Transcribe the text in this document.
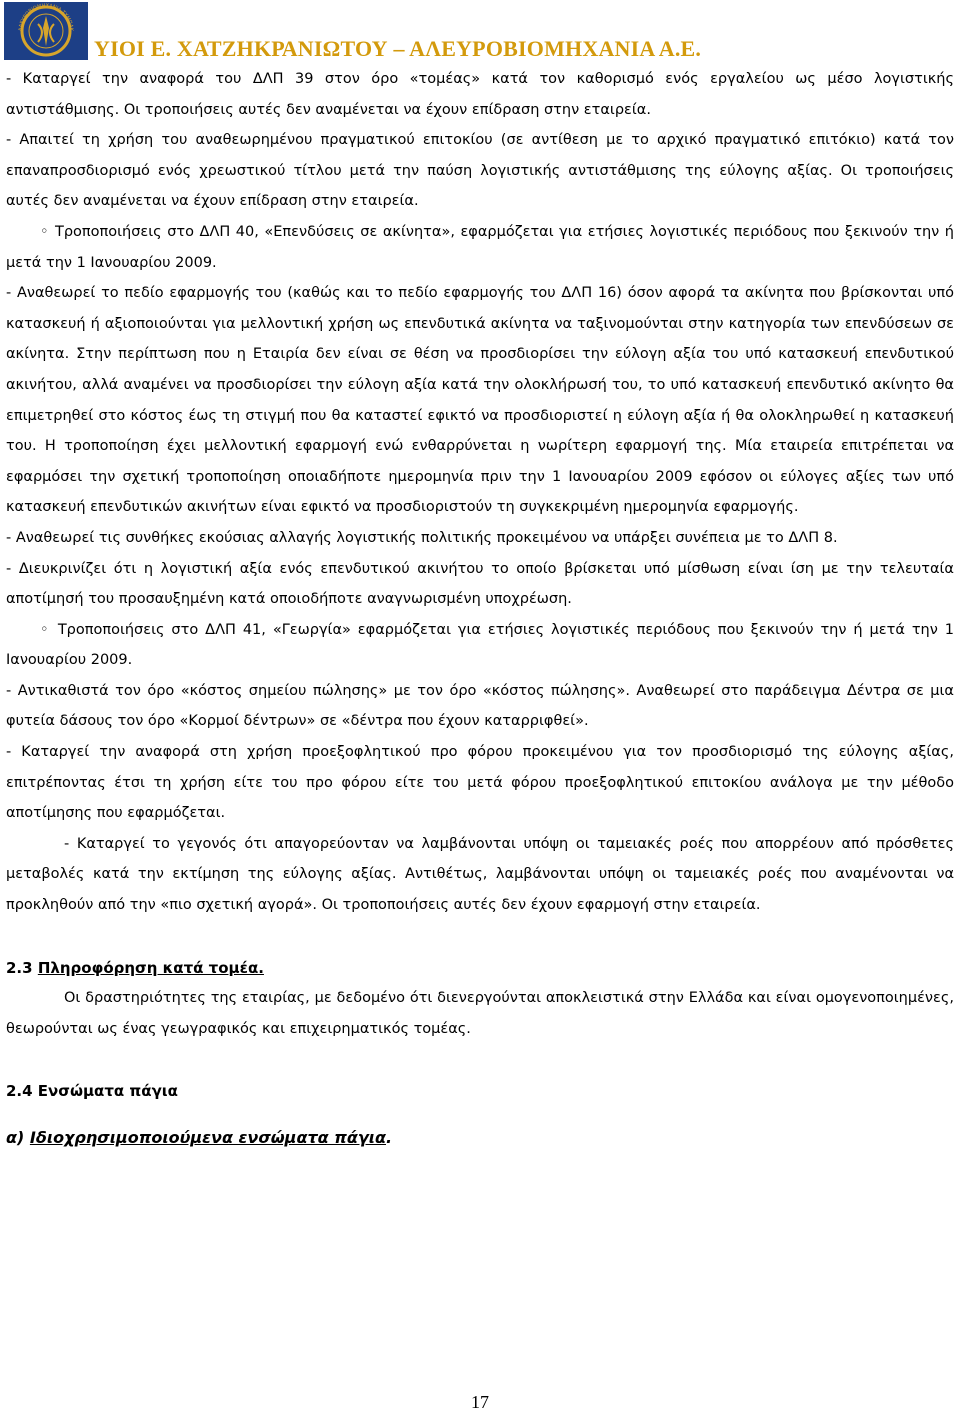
ΑΛΕΥΡΟΒΙΟΜΗΧΑΝΙΑ ΤΥΜΠΑΚ
ΥΙΟΙ Ε. ΧΑΤΖΗΚΡΑΝΙΩΤΟΥ – ΑΛΕΥΡΟΒΙΟΜΗΧΑΝΙΑ Α.Ε.

- Καταργεί την αναφορά του ΔΛΠ 39 στον όρο «τομέας» κατά τον καθορισμό ενός εργαλείου ως μέσο λογιστικής αντιστάθμισης. Οι τροποιήσεις αυτές δεν αναμένεται να έχουν επίδραση στην εταιρεία.

- Απαιτεί τη χρήση του αναθεωρημένου πραγματικού επιτοκίου (σε αντίθεση με το αρχικό πραγματικό επιτόκιο) κατά τον επαναπροσδιορισμό ενός χρεωστικού τίτλου μετά την παύση λογιστικής αντιστάθμισης της εύλογης αξίας. Οι τροποιήσεις αυτές δεν αναμένεται να έχουν επίδραση στην εταιρεία.

◦ Τροποποιήσεις στο ΔΛΠ 40, «Επενδύσεις σε ακίνητα», εφαρμόζεται για ετήσιες λογιστικές περιόδους που ξεκινούν την ή μετά την 1 Ιανουαρίου 2009.

- Αναθεωρεί το πεδίο εφαρμογής του (καθώς και το πεδίο εφαρμογής του ΔΛΠ 16) όσον αφορά τα ακίνητα που βρίσκονται υπό κατασκευή ή αξιοποιούνται για μελλοντική χρήση ως επενδυτικά ακίνητα να ταξινομούνται στην κατηγορία των επενδύσεων σε ακίνητα. Στην περίπτωση που η Εταιρία δεν είναι σε θέση να προσδιορίσει την εύλογη αξία του υπό κατασκευή επενδυτικού ακινήτου, αλλά αναμένει να προσδιορίσει την εύλογη αξία κατά την ολοκλήρωσή του, το υπό κατασκευή επενδυτικό ακίνητο θα επιμετρηθεί στο κόστος έως τη στιγμή που θα καταστεί εφικτό να προσδιοριστεί η εύλογη αξία ή θα ολοκληρωθεί η κατασκευή του. Η τροποποίηση έχει μελλοντική εφαρμογή ενώ ενθαρρύνεται η νωρίτερη εφαρμογή της. Μία εταιρεία επιτρέπεται να εφαρμόσει την σχετική τροποποίηση οποιαδήποτε ημερομηνία πριν την 1 Ιανουαρίου 2009 εφόσον οι εύλογες αξίες των υπό κατασκευή επενδυτικών ακινήτων είναι εφικτό να προσδιοριστούν τη συγκεκριμένη ημερομηνία εφαρμογής.

- Αναθεωρεί τις συνθήκες εκούσιας αλλαγής λογιστικής πολιτικής προκειμένου να υπάρξει συνέπεια με το ΔΛΠ 8.

- Διευκρινίζει ότι η λογιστική αξία ενός επενδυτικού ακινήτου το οποίο βρίσκεται υπό μίσθωση είναι ίση με την τελευταία αποτίμησή του προσαυξημένη κατά οποιοδήποτε αναγνωρισμένη υποχρέωση.

◦ Τροποποιήσεις στο ΔΛΠ 41, «Γεωργία» εφαρμόζεται για ετήσιες λογιστικές περιόδους που ξεκινούν την ή μετά την 1 Ιανουαρίου 2009.

- Αντικαθιστά τον όρο «κόστος σημείου πώλησης» με τον όρο «κόστος πώλησης». Αναθεωρεί στο παράδειγμα Δέντρα σε μια φυτεία δάσους τον όρο «Κορμοί δέντρων» σε «δέντρα που έχουν καταρριφθεί».

- Καταργεί την αναφορά στη χρήση προεξοφλητικού προ φόρου προκειμένου για τον προσδιορισμό της εύλογης αξίας, επιτρέποντας έτσι τη χρήση είτε του προ φόρου είτε του μετά φόρου προεξοφλητικού επιτοκίου ανάλογα με την μέθοδο αποτίμησης που εφαρμόζεται.

- Καταργεί το γεγονός ότι απαγορεύονταν να λαμβάνονται υπόψη οι ταμειακές ροές που απορρέουν από πρόσθετες μεταβολές κατά την εκτίμηση της εύλογης αξίας. Αντιθέτως, λαμβάνονται υπόψη οι ταμειακές ροές που αναμένονται να προκληθούν από την «πιο σχετική αγορά». Οι τροποποιήσεις αυτές δεν έχουν εφαρμογή στην εταιρεία.

2.3 Πληροφόρηση κατά τομέα.

Οι δραστηριότητες της εταιρίας, με δεδομένο ότι διενεργούνται αποκλειστικά στην Ελλάδα και είναι ομογενοποιημένες, θεωρούνται ως ένας γεωγραφικός και επιχειρηματικός τομέας.

2.4 Ενσώματα πάγια

α) Ιδιοχρησιμοποιούμενα ενσώματα πάγια.

17
